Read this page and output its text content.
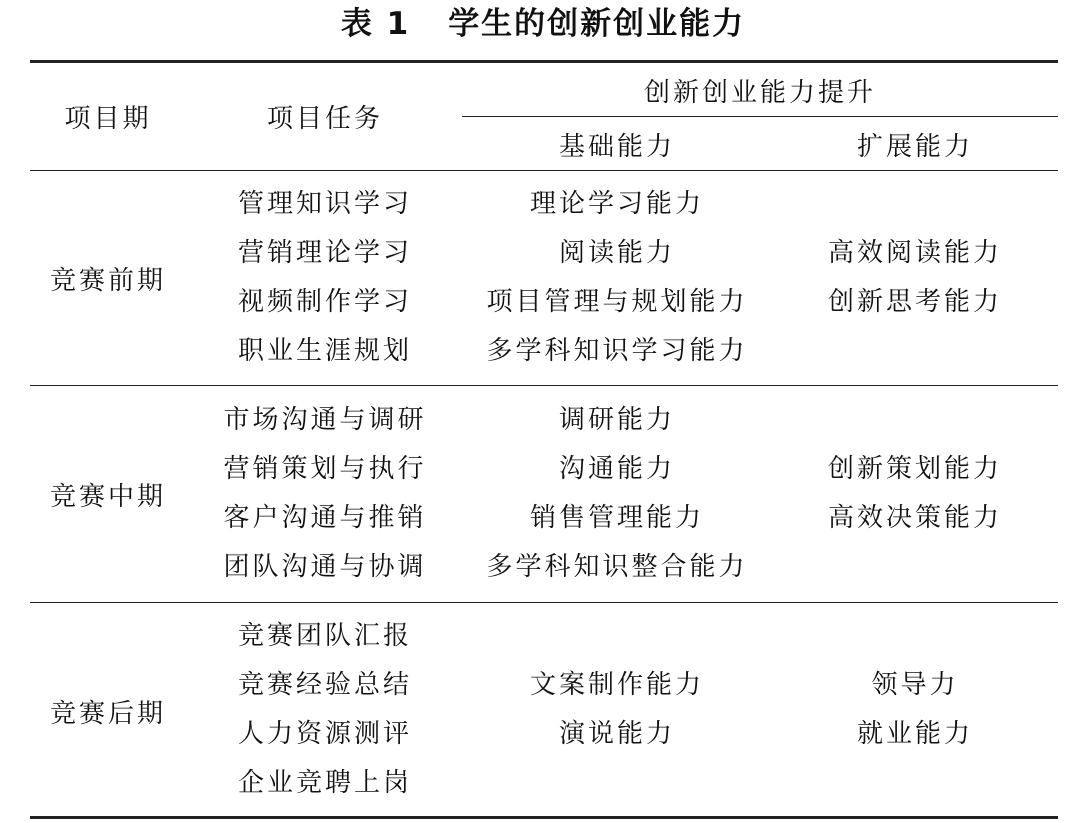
表 1 学生的创新创业能力
项目期	项目任务
创新创业能力提升
基础能力	扩展能力
竞赛前期
管理知识学习
营销理论学习
视频制作学习
职业生涯规划
理论学习能力
阅读能力
项目管理与规划能力
多学科知识学习能力
高效阅读能力
创新思考能力
竞赛中期
市场沟通与调研
营销策划与执行
客户沟通与推销
团队沟通与协调
调研能力
沟通能力
销售管理能力
多学科知识整合能力
创新策划能力
高效决策能力
竞赛后期
竞赛团队汇报
竞赛经验总结
人力资源测评
企业竞聘上岗
文案制作能力
演说能力
领导力
就业能力
